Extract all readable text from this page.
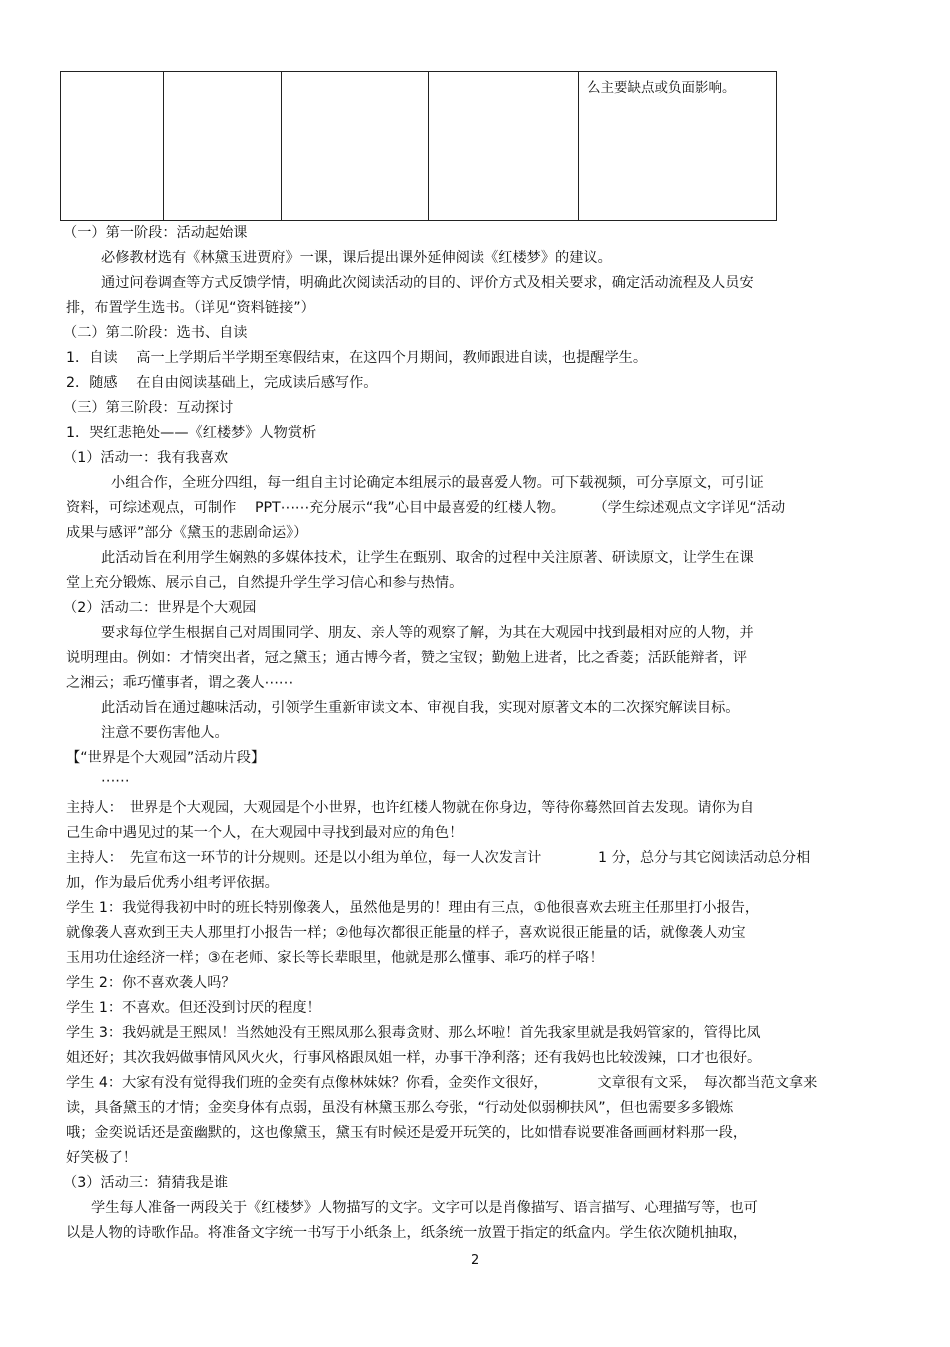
				么主要缺点或负面影响。
（一）第一阶段：活动起始课
必修教材选有《林黛玉进贾府》一课，课后提出课外延伸阅读《红楼梦》的建议。
通过问卷调查等方式反馈学情，明确此次阅读活动的目的、评价方式及相关要求，确定活动流程及人员安
排，布置学生选书。（详见“资料链接”）
（二）第二阶段：选书、自读
1．自读　 高一上学期后半学期至寒假结束，在这四个月期间，教师跟进自读，也提醒学生。
2．随感　 在自由阅读基础上，完成读后感写作。
（三）第三阶段：互动探讨
1．哭红悲艳处——《红楼梦》人物赏析
（1）活动一：我有我喜欢
小组合作，全班分四组，每一组自主讨论确定本组展示的最喜爱人物。可下载视频，可分享原文，可引证
资料，可综述观点，可制作　 PPT⋯⋯充分展示“我”心目中最喜爱的红楼人物。　　　（学生综述观点文字详见“活动
成果与感评”部分《黛玉的悲剧命运》）
此活动旨在利用学生娴熟的多媒体技术，让学生在甄别、取舍的过程中关注原著、研读原文，让学生在课
堂上充分锻炼、展示自己，自然提升学生学习信心和参与热情。
（2）活动二：世界是个大观园
要求每位学生根据自己对周围同学、朋友、亲人等的观察了解，为其在大观园中找到最相对应的人物，并
说明理由。例如：才情突出者，冠之黛玉；通古博今者，赞之宝钗；勤勉上进者，比之香菱；活跃能辩者，评
之湘云；乖巧懂事者，谓之袭人⋯⋯
此活动旨在通过趣味活动，引领学生重新审读文本、审视自我，实现对原著文本的二次探究解读目标。
注意不要伤害他人。
【“世界是个大观园”活动片段】
⋯⋯
主持人：　世界是个大观园，大观园是个小世界，也许红楼人物就在你身边，等待你蓦然回首去发现。请你为自
己生命中遇见过的某一个人，在大观园中寻找到最对应的角色！
主持人：　先宣布这一环节的计分规则。还是以小组为单位，每一人次发言计　　　　1 分，总分与其它阅读活动总分相
加，作为最后优秀小组考评依据。
学生 1：我觉得我初中时的班长特别像袭人，虽然他是男的！理由有三点，①他很喜欢去班主任那里打小报告，
就像袭人喜欢到王夫人那里打小报告一样；②他每次都很正能量的样子，喜欢说很正能量的话，就像袭人劝宝
玉用功仕途经济一样；③在老师、家长等长辈眼里，他就是那么懂事、乖巧的样子咯！
学生 2：你不喜欢袭人吗？
学生 1：不喜欢。但还没到讨厌的程度！
学生 3：我妈就是王熙凤！当然她没有王熙凤那么狠毒贪财、那么坏啦！首先我家里就是我妈管家的，管得比凤
姐还好；其次我妈做事情风风火火，行事风格跟凤姐一样，办事干净利落；还有我妈也比较泼辣，口才也很好。
学生 4：大家有没有觉得我们班的金奕有点像林妹妹？你看，金奕作文很好，　　　　文章很有文采，　每次都当范文拿来
读，具备黛玉的才情；金奕身体有点弱，虽没有林黛玉那么夸张，“行动处似弱柳扶风”，但也需要多多锻炼
哦；金奕说话还是蛮幽默的，这也像黛玉，黛玉有时候还是爱开玩笑的，比如惜春说要准备画画材料那一段，
好笑极了！
（3）活动三：猜猜我是谁
学生每人准备一两段关于《红楼梦》人物描写的文字。文字可以是肖像描写、语言描写、心理描写等，也可
以是人物的诗歌作品。将准备文字统一书写于小纸条上，纸条统一放置于指定的纸盒内。学生依次随机抽取，
2
